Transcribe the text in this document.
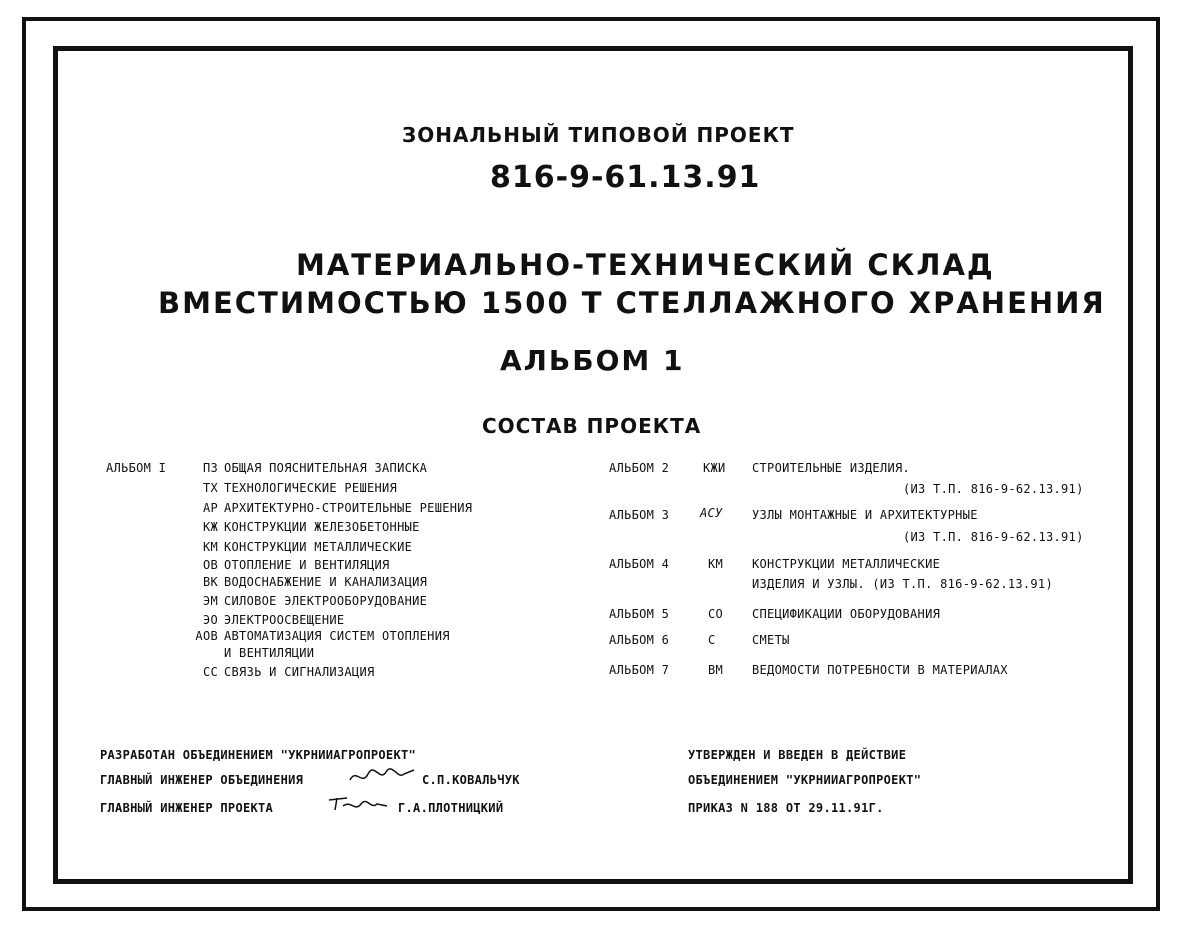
ЗОНАЛЬНЫЙ ТИПОВОЙ ПРОЕКТ
816-9-61.13.91
МАТЕРИАЛЬНО-ТЕХНИЧЕСКИЙ СКЛАД
ВМЕСТИМОСТЬЮ 1500 Т СТЕЛЛАЖНОГО ХРАНЕНИЯ
АЛЬБОМ 1
СОСТАВ ПРОЕКТА
АЛЬБОМ I	ПЗ ОБЩАЯ ПОЯСНИТЕЛЬНАЯ ЗАПИСКА
ТХ ТЕХНОЛОГИЧЕСКИЕ РЕШЕНИЯ
АР АРХИТЕКТУРНО-СТРОИТЕЛЬНЫЕ РЕШЕНИЯ
КЖ КОНСТРУКЦИИ ЖЕЛЕЗОБЕТОННЫЕ
КМ КОНСТРУКЦИИ МЕТАЛЛИЧЕСКИЕ
ОВ ОТОПЛЕНИЕ И ВЕНТИЛЯЦИЯ
ВК ВОДОСНАБЖЕНИЕ И КАНАЛИЗАЦИЯ
ЭМ СИЛОВОЕ ЭЛЕКТРООБОРУДОВАНИЕ
ЭО ЭЛЕКТРООСВЕЩЕНИЕ
АОВ АВТОМАТИЗАЦИЯ СИСТЕМ ОТОПЛЕНИЯ
И ВЕНТИЛЯЦИИ
СС СВЯЗЬ И СИГНАЛИЗАЦИЯ
АЛЬБОМ 2	КЖИ СТРОИТЕЛЬНЫЕ ИЗДЕЛИЯ.
(ИЗ Т.П. 816-9-62.13.91)
АЛЬБОМ 3	АСУ УЗЛЫ МОНТАЖНЫЕ И АРХИТЕКТУРНЫЕ
(ИЗ Т.П. 816-9-62.13.91)
АЛЬБОМ 4	КМ КОНСТРУКЦИИ МЕТАЛЛИЧЕСКИЕ
ИЗДЕЛИЯ И УЗЛЫ. (ИЗ Т.П. 816-9-62.13.91)
АЛЬБОМ 5	СО СПЕЦИФИКАЦИИ ОБОРУДОВАНИЯ
АЛЬБОМ 6	С	СМЕТЫ
АЛЬБОМ 7	ВМ ВЕДОМОСТИ ПОТРЕБНОСТИ В МАТЕРИАЛАХ
РАЗРАБОТАН ОБЪЕДИНЕНИЕМ "УКРНИИАГРОПРОЕКТ"
ГЛАВНЫЙ ИНЖЕНЕР ОБЪЕДИНЕНИЯ	С.П.КОВАЛЬЧУК
ГЛАВНЫЙ ИНЖЕНЕР ПРОЕКТА	Г.А.ПЛОТНИЦКИЙ
УТВЕРЖДЕН И ВВЕДЕН В ДЕЙСТВИЕ
ОБЪЕДИНЕНИЕМ "УКРНИИАГРОПРОЕКТ"
ПРИКАЗ N 188 ОТ 29.11.91Г.
